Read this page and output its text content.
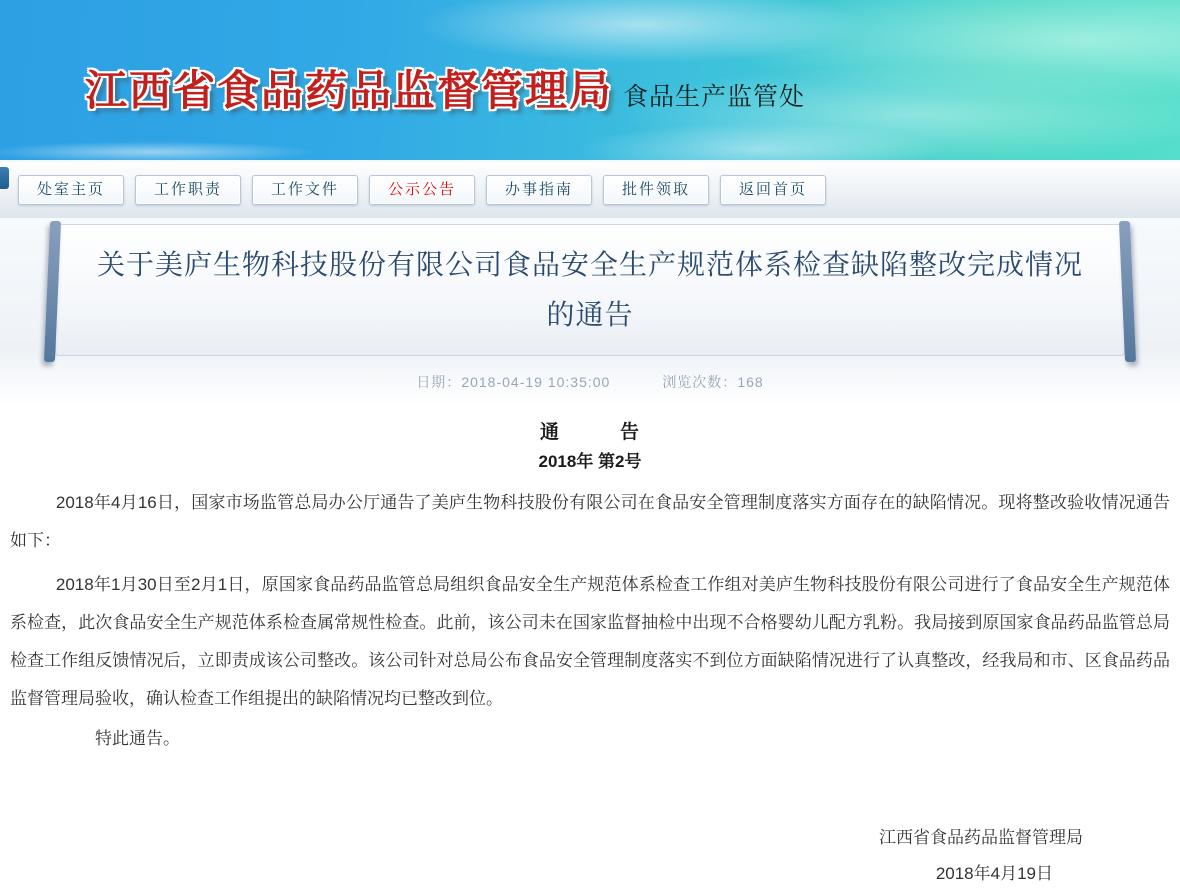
江西省食品药品监督管理局 食品生产监管处
处室主页	工作职责	工作文件	公示公告	办事指南	批件领取	返回首页
关于美庐生物科技股份有限公司食品安全生产规范体系检查缺陷整改完成情况的通告
日期：2018-04-19 10:35:00	浏览次数：168
通　　　告
2018年 第2号

2018年4月16日，国家市场监管总局办公厅通告了美庐生物科技股份有限公司在食品安全管理制度落实方面存在的缺陷情况。现将整改验收情况通告如下：

2018年1月30日至2月1日，原国家食品药品监管总局组织食品安全生产规范体系检查工作组对美庐生物科技股份有限公司进行了食品安全生产规范体系检查，此次食品安全生产规范体系检查属常规性检查。此前，该公司未在国家监督抽检中出现不合格婴幼儿配方乳粉。我局接到原国家食品药品监管总局检查工作组反馈情况后，立即责成该公司整改。该公司针对总局公布食品安全管理制度落实不到位方面缺陷情况进行了认真整改，经我局和市、区食品药品监督管理局验收，确认检查工作组提出的缺陷情况均已整改到位。

特此通告。

江西省食品药品监督管理局
2018年4月19日
